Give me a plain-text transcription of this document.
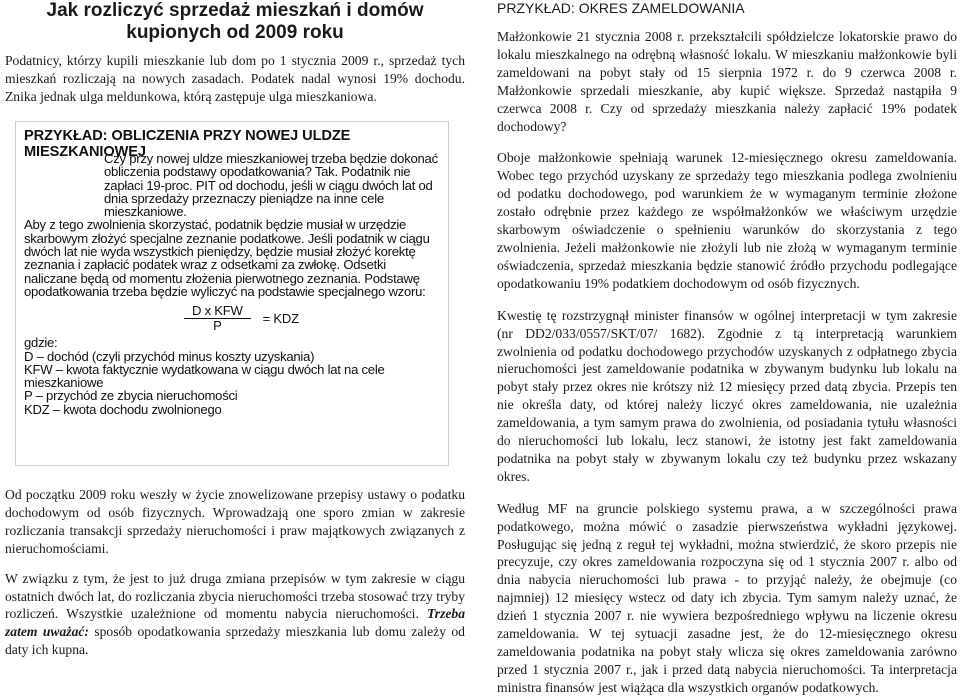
Jak rozliczyć sprzedaż mieszkań i domów kupionych od 2009 roku

Podatnicy, którzy kupili mieszkanie lub dom po 1 stycznia 2009 r., sprzedaż tych mieszkań rozliczają na nowych zasadach. Podatek nadal wynosi 19% dochodu. Znika jednak ulga meldunkowa, którą zastępuje ulga mieszkaniowa.

PRZYKŁAD: OBLICZENIA PRZY NOWEJ ULDZE MIESZKANIOWEJ

Czy przy nowej uldze mieszkaniowej trzeba będzie dokonać obliczenia podstawy opodatkowania? Tak. Podatnik nie zapłaci 19-proc. PIT od dochodu, jeśli w ciągu dwóch lat od dnia sprzedaży przeznaczy pieniądze na inne cele mieszkaniowe.

Aby z tego zwolnienia skorzystać, podatnik będzie musiał w urzędzie skarbowym złożyć specjalne zeznanie podatkowe. Jeśli podatnik w ciągu dwóch lat nie wyda wszystkich pieniędzy, będzie musiał złożyć korektę zeznania i zapłacić podatek wraz z odsetkami za zwłokę. Odsetki naliczane będą od momentu złożenia pierwotnego zeznania. Podstawę opodatkowania trzeba będzie wyliczyć na podstawie specjalnego wzoru:

$\frac{\text{D x KFW}}{P}$ = KDZ

gdzie:

D – dochód (czyli przychód minus koszty uzyskania)

KFW – kwota faktycznie wydatkowana w ciągu dwóch lat na cele mieszkaniowe

P – przychód ze zbycia nieruchomości

KDZ – kwota dochodu zwolnionego

Od początku 2009 roku weszły w życie znowelizowane przepisy ustawy o podatku dochodowym od osób fizycznych. Wprowadzają one sporo zmian w zakresie rozliczania transakcji sprzedaży nieruchomości i praw majątkowych związanych z nieruchomościami.

W związku z tym, że jest to już druga zmiana przepisów w tym zakresie w ciągu ostatnich dwóch lat, do rozliczania zbycia nieruchomości trzeba stosować trzy tryby rozliczeń. Wszystkie uzależnione od momentu nabycia nieruchomości. Trzeba zatem uważać: sposób opodatkowania sprzedaży mieszkania lub domu zależy od daty ich kupna.

PRZYKŁAD: OKRES ZAMELDOWANIA

Małżonkowie 21 stycznia 2008 r. przekształcili spółdzielcze lokatorskie prawo do lokalu mieszkalnego na odrębną własność lokalu. W mieszkaniu małżonkowie byli zameldowani na pobyt stały od 15 sierpnia 1972 r. do 9 czerwca 2008 r. Małżonkowie sprzedali mieszkanie, aby kupić większe. Sprzedaż nastąpiła 9 czerwca 2008 r. Czy od sprzedaży mieszkania należy zapłacić 19% podatek dochodowy?

Oboje małżonkowie spełniają warunek 12-miesięcznego okresu zameldowania. Wobec tego przychód uzyskany ze sprzedaży tego mieszkania podlega zwolnieniu od podatku dochodowego, pod warunkiem że w wymaganym terminie złożone zostało odrębnie przez każdego ze współmałżonków we właściwym urzędzie skarbowym oświadczenie o spełnieniu warunków do skorzystania z tego zwolnienia. Jeżeli małżonkowie nie złożyli lub nie złożą w wymaganym terminie oświadczenia, sprzedaż mieszkania będzie stanowić źródło przychodu podlegające opodatkowaniu 19% podatkiem dochodowym od osób fizycznych.

Kwestię tę rozstrzygnął minister finansów w ogólnej interpretacji w tym zakresie (nr DD2/033/0557/SKT/07/ 1682). Zgodnie z tą interpretacją warunkiem zwolnienia od podatku dochodowego przychodów uzyskanych z odpłatnego zbycia nieruchomości jest zameldowanie podatnika w zbywanym budynku lub lokalu na pobyt stały przez okres nie krótszy niż 12 miesięcy przed datą zbycia. Przepis ten nie określa daty, od której należy liczyć okres zameldowania, nie uzależnia zameldowania, a tym samym prawa do zwolnienia, od posiadania tytułu własności do nieruchomości lub lokalu, lecz stanowi, że istotny jest fakt zameldowania podatnika na pobyt stały w zbywanym lokalu czy też budynku przez wskazany okres.

Według MF na gruncie polskiego systemu prawa, a w szczególności prawa podatkowego, można mówić o zasadzie pierwszeństwa wykładni językowej. Posługując się jedną z reguł tej wykładni, można stwierdzić, że skoro przepis nie precyzuje, czy okres zameldowania rozpoczyna się od 1 stycznia 2007 r. albo od dnia nabycia nieruchomości lub prawa - to przyjąć należy, że obejmuje (co najmniej) 12 miesięcy wstecz od daty ich zbycia. Tym samym należy uznać, że dzień 1 stycznia 2007 r. nie wywiera bezpośredniego wpływu na liczenie okresu zameldowania. W tej sytuacji zasadne jest, że do 12-miesięcznego okresu zameldowania podatnika na pobyt stały wlicza się okres zameldowania zarówno przed 1 stycznia 2007 r., jak i przed datą nabycia nieruchomości. Ta interpretacja ministra finansów jest wiążąca dla wszystkich organów podatkowych.
